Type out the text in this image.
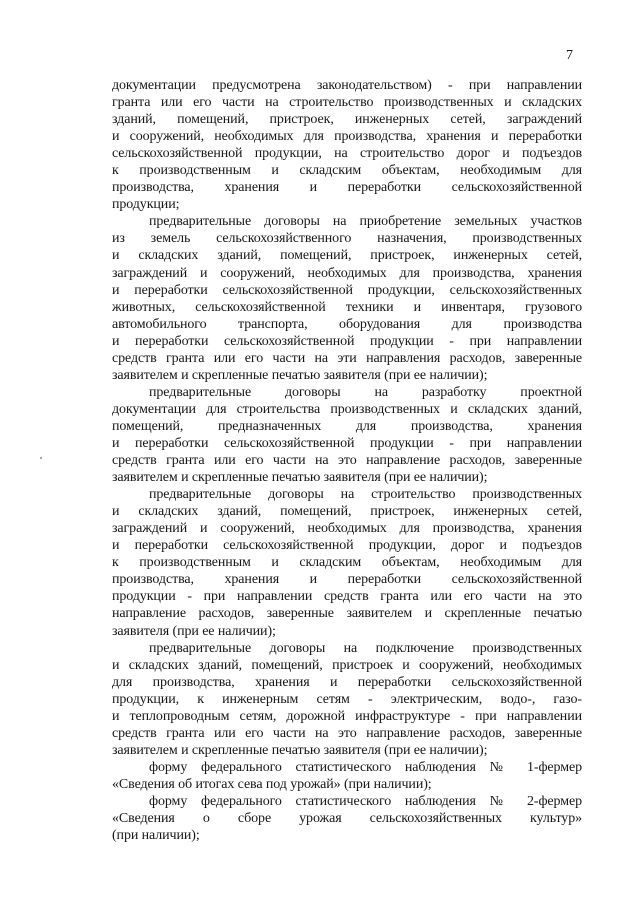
7
документации предусмотрена законодательством) - при направлении
гранта или его части на строительство производственных и складских
зданий, помещений, пристроек, инженерных сетей, заграждений
и сооружений, необходимых для производства, хранения и переработки
сельскохозяйственной продукции, на строительство дорог и подъездов
к производственным и складским объектам, необходимым для
производства, хранения и переработки сельскохозяйственной
продукции;
предварительные договоры на приобретение земельных участков
из земель сельскохозяйственного назначения, производственных
и складских зданий, помещений, пристроек, инженерных сетей,
заграждений и сооружений, необходимых для производства, хранения
и переработки сельскохозяйственной продукции, сельскохозяйственных
животных, сельскохозяйственной техники и инвентаря, грузового
автомобильного транспорта, оборудования для производства
и переработки сельскохозяйственной продукции - при направлении
средств гранта или его части на эти направления расходов, заверенные
заявителем и скрепленные печатью заявителя (при ее наличии);
предварительные договоры на разработку проектной
документации для строительства производственных и складских зданий,
помещений, предназначенных для производства, хранения
и переработки сельскохозяйственной продукции - при направлении
средств гранта или его части на это направление расходов, заверенные
заявителем и скрепленные печатью заявителя (при ее наличии);
предварительные договоры на строительство производственных
и складских зданий, помещений, пристроек, инженерных сетей,
заграждений и сооружений, необходимых для производства, хранения
и переработки сельскохозяйственной продукции, дорог и подъездов
к производственным и складским объектам, необходимым для
производства, хранения и переработки сельскохозяйственной
продукции - при направлении средств гранта или его части на это
направление расходов, заверенные заявителем и скрепленные печатью
заявителя (при ее наличии);
предварительные договоры на подключение производственных
и складских зданий, помещений, пристроек и сооружений, необходимых
для производства, хранения и переработки сельскохозяйственной
продукции, к инженерным сетям - электрическим, водо-, газо-
и теплопроводным сетям, дорожной инфраструктуре - при направлении
средств гранта или его части на это направление расходов, заверенные
заявителем и скрепленные печатью заявителя (при ее наличии);
форму федерального статистического наблюдения № 1-фермер
«Сведения об итогах сева под урожай» (при наличии);
форму федерального статистического наблюдения № 2-фермер
«Сведения о сборе урожая сельскохозяйственных культур»
(при наличии);
